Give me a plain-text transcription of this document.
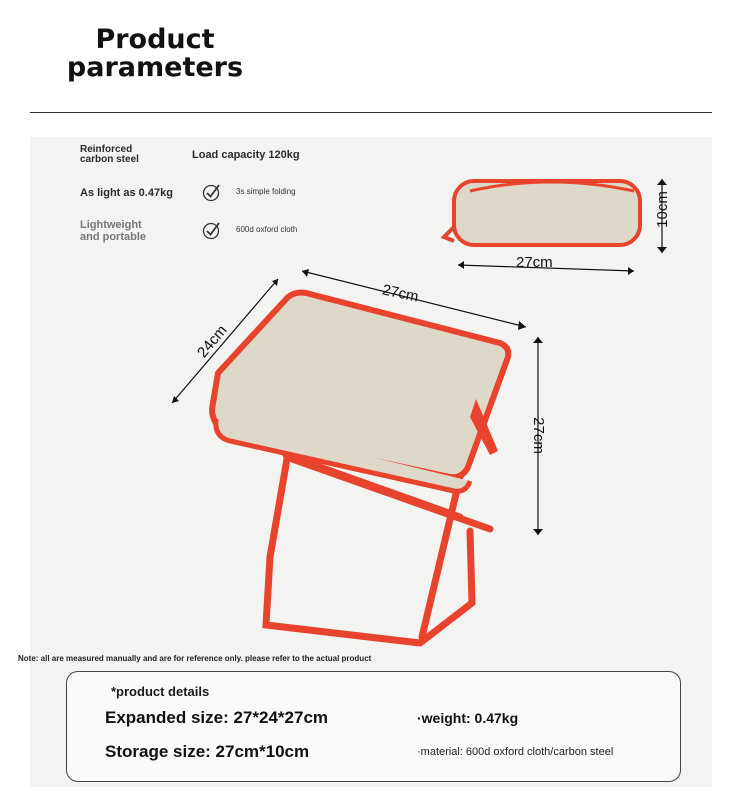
Product
parameters
Reinforced
carbon steel	Load capacity 120kg
As light as 0.47kg	3s simple folding
Lightweight
and portable
600d oxford cloth
10cm
27cm
27cm
24cm
27cm
Note: all are measured manually and are for reference only. please refer to the actual product
*product details
Expanded size: 27*24*27cm
Storage size: 27cm*10cm
·weight: 0.47kg
·material: 600d oxford cloth/carbon steel
